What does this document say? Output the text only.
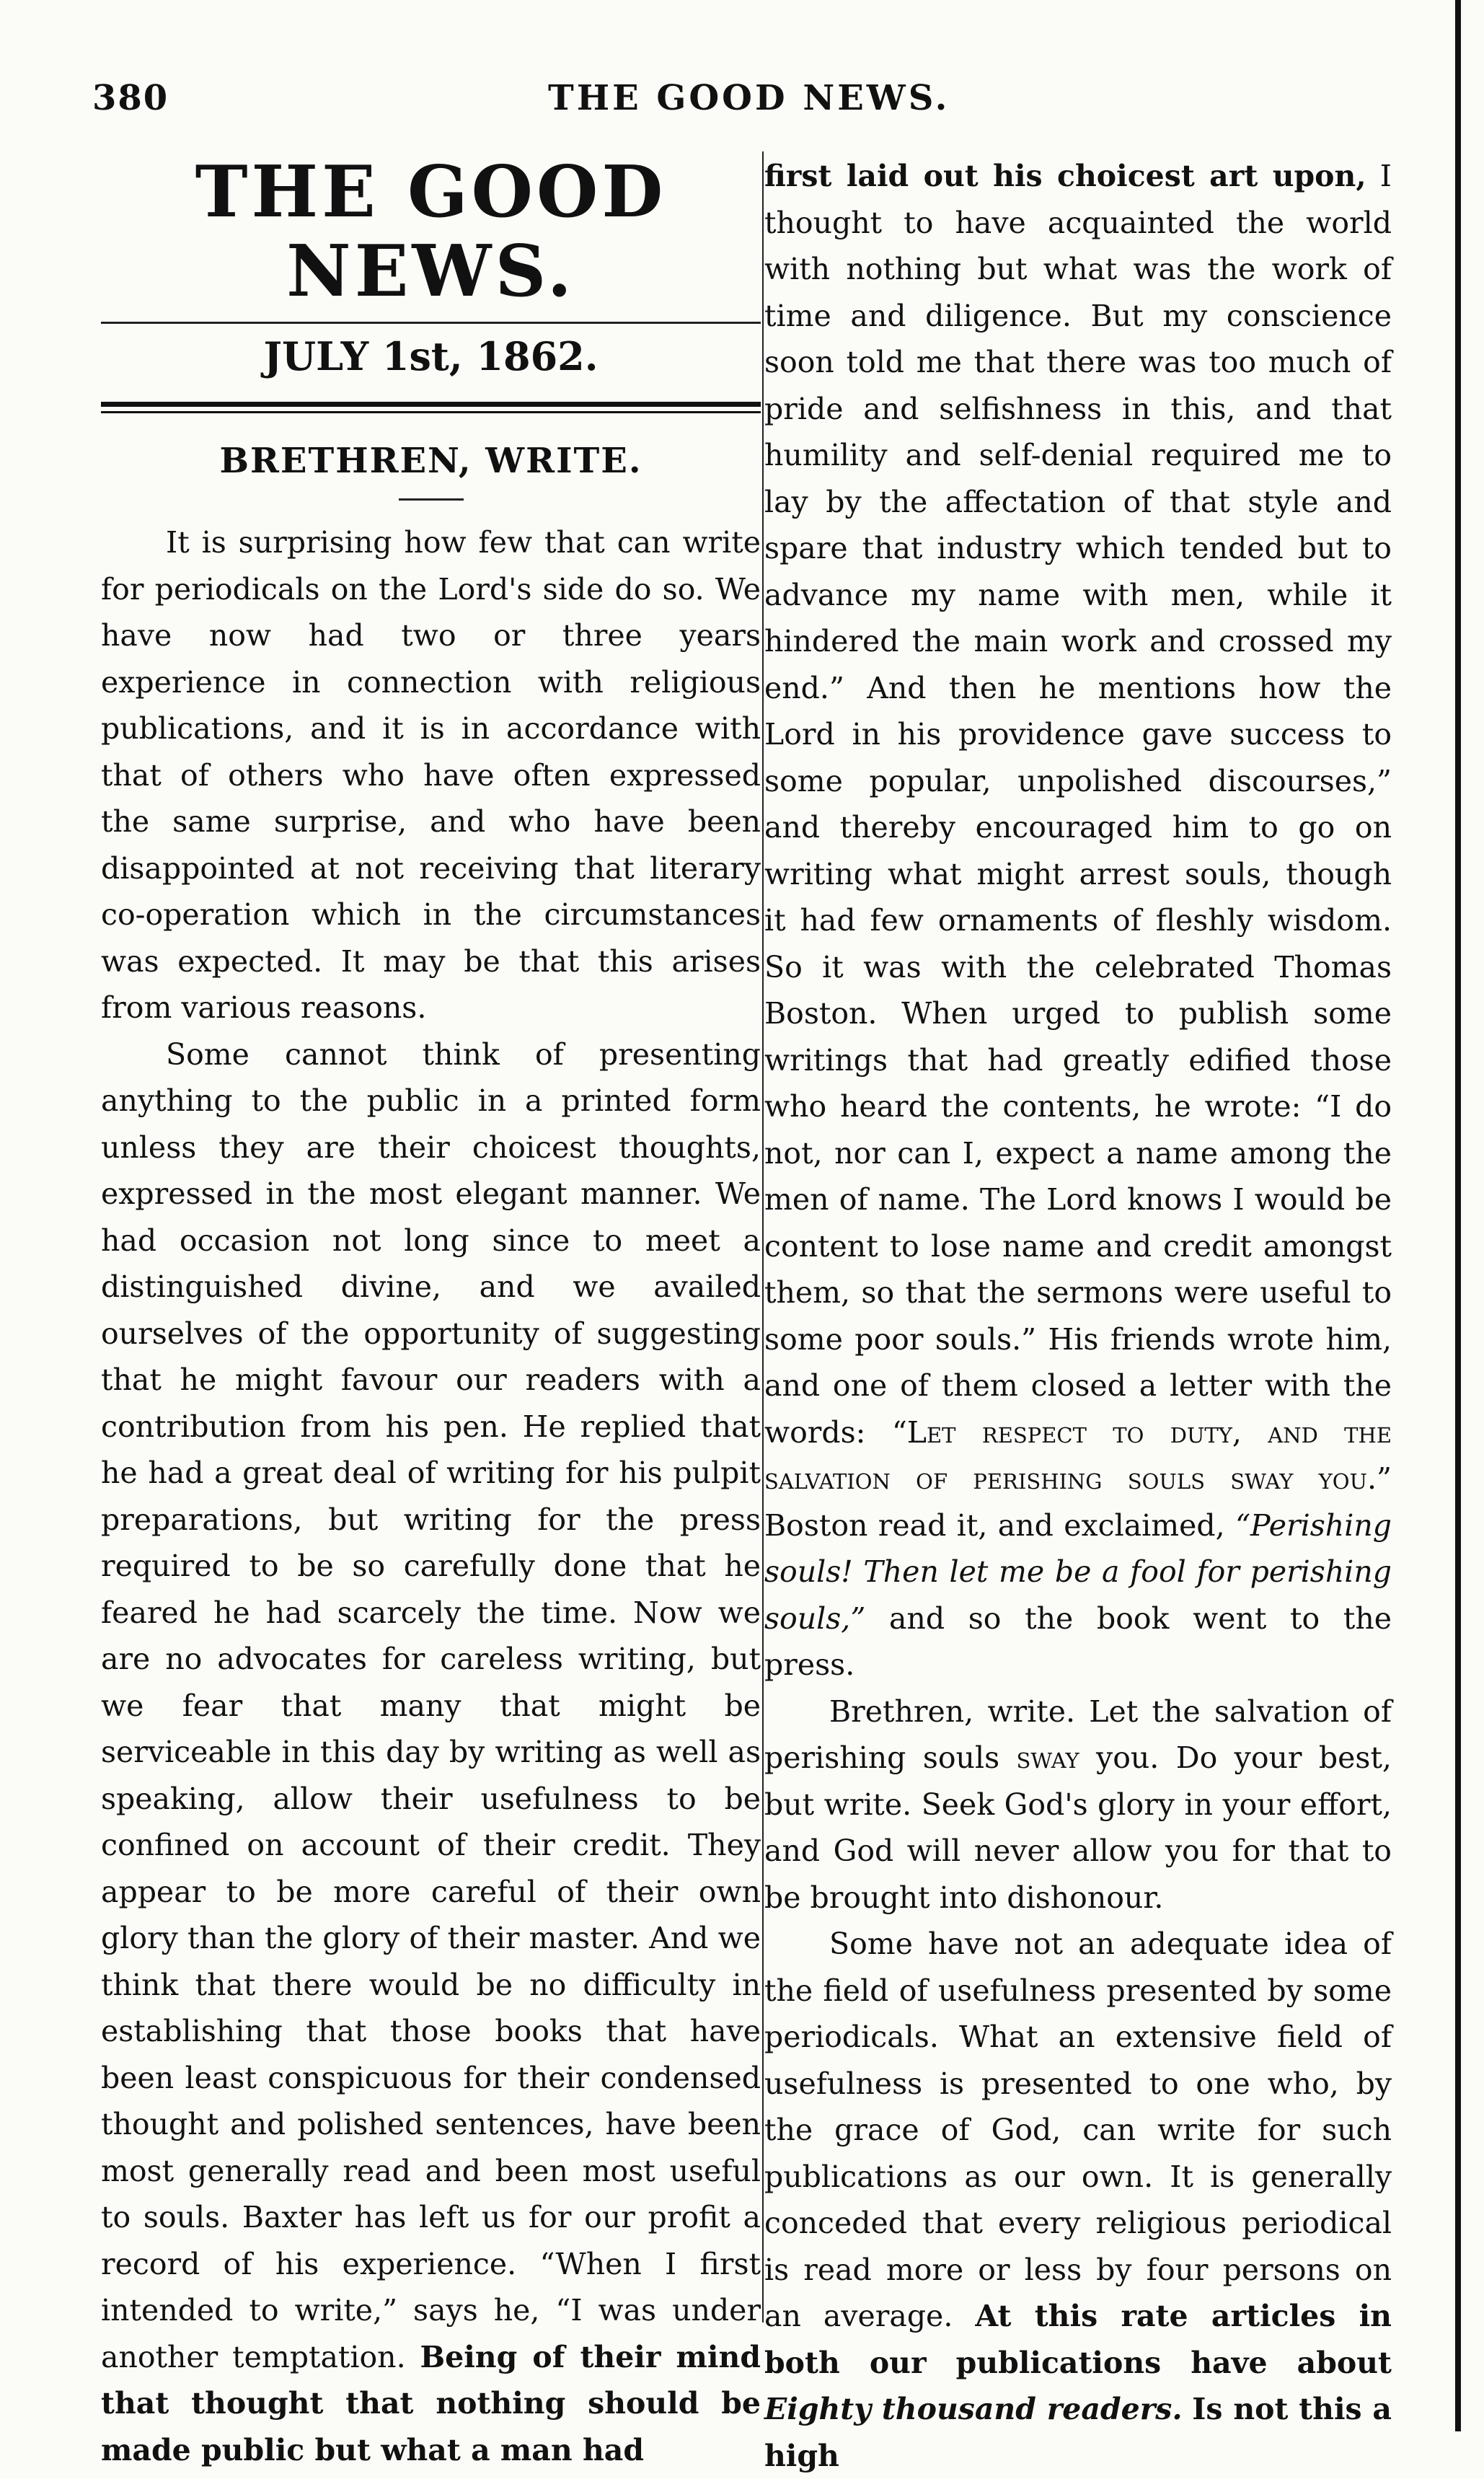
380	THE GOOD NEWS.
THE GOOD NEWS.
JULY 1st, 1862.
BRETHREN, WRITE.

It is surprising how few that can write for periodicals on the Lord's side do so. We have now had two or three years experience in connection with religious publications, and it is in accordance with that of others who have often expressed the same surprise, and who have been disappointed at not receiving that literary co-operation which in the circumstances was expected. It may be that this arises from various reasons.

Some cannot think of presenting anything to the public in a printed form unless they are their choicest thoughts, expressed in the most elegant manner. We had occasion not long since to meet a distinguished divine, and we availed ourselves of the opportunity of suggesting that he might favour our readers with a contribution from his pen. He replied that he had a great deal of writing for his pulpit preparations, but writing for the press required to be so carefully done that he feared he had scarcely the time. Now we are no advocates for careless writing, but we fear that many that might be serviceable in this day by writing as well as speaking, allow their usefulness to be confined on account of their credit. They appear to be more careful of their own glory than the glory of their master. And we think that there would be no difficulty in establishing that those books that have been least conspicuous for their condensed thought and polished sentences, have been most generally read and been most useful to souls. Baxter has left us for our profit a record of his experience. “When I first intended to write,” says he, “I was under another temptation. Being of their mind that thought that nothing should be made public but what a man had

first laid out his choicest art upon, I thought to have acquainted the world with nothing but what was the work of time and diligence. But my conscience soon told me that there was too much of pride and selfishness in this, and that humility and self-denial required me to lay by the affectation of that style and spare that industry which tended but to advance my name with men, while it hindered the main work and crossed my end.” And then he mentions how the Lord in his providence gave success to some popular, unpolished discourses,” and thereby encouraged him to go on writing what might arrest souls, though it had few ornaments of fleshly wisdom. So it was with the celebrated Thomas Boston. When urged to publish some writings that had greatly edified those who heard the contents, he wrote: “I do not, nor can I, expect a name among the men of name. The Lord knows I would be content to lose name and credit amongst them, so that the sermons were useful to some poor souls.” His friends wrote him, and one of them closed a letter with the words: “Let respect to duty, and the salvation of perishing souls sway you.” Boston read it, and exclaimed, “Perishing souls! Then let me be a fool for perishing souls,” and so the book went to the press.

Brethren, write. Let the salvation of perishing souls sway you. Do your best, but write. Seek God's glory in your effort, and God will never allow you for that to be brought into dishonour.

Some have not an adequate idea of the field of usefulness presented by some periodicals. What an extensive field of usefulness is presented to one who, by the grace of God, can write for such publications as our own. It is generally conceded that every religious periodical is read more or less by four persons on an average. At this rate articles in both our publications have about Eighty thousand readers. Is not this a high
